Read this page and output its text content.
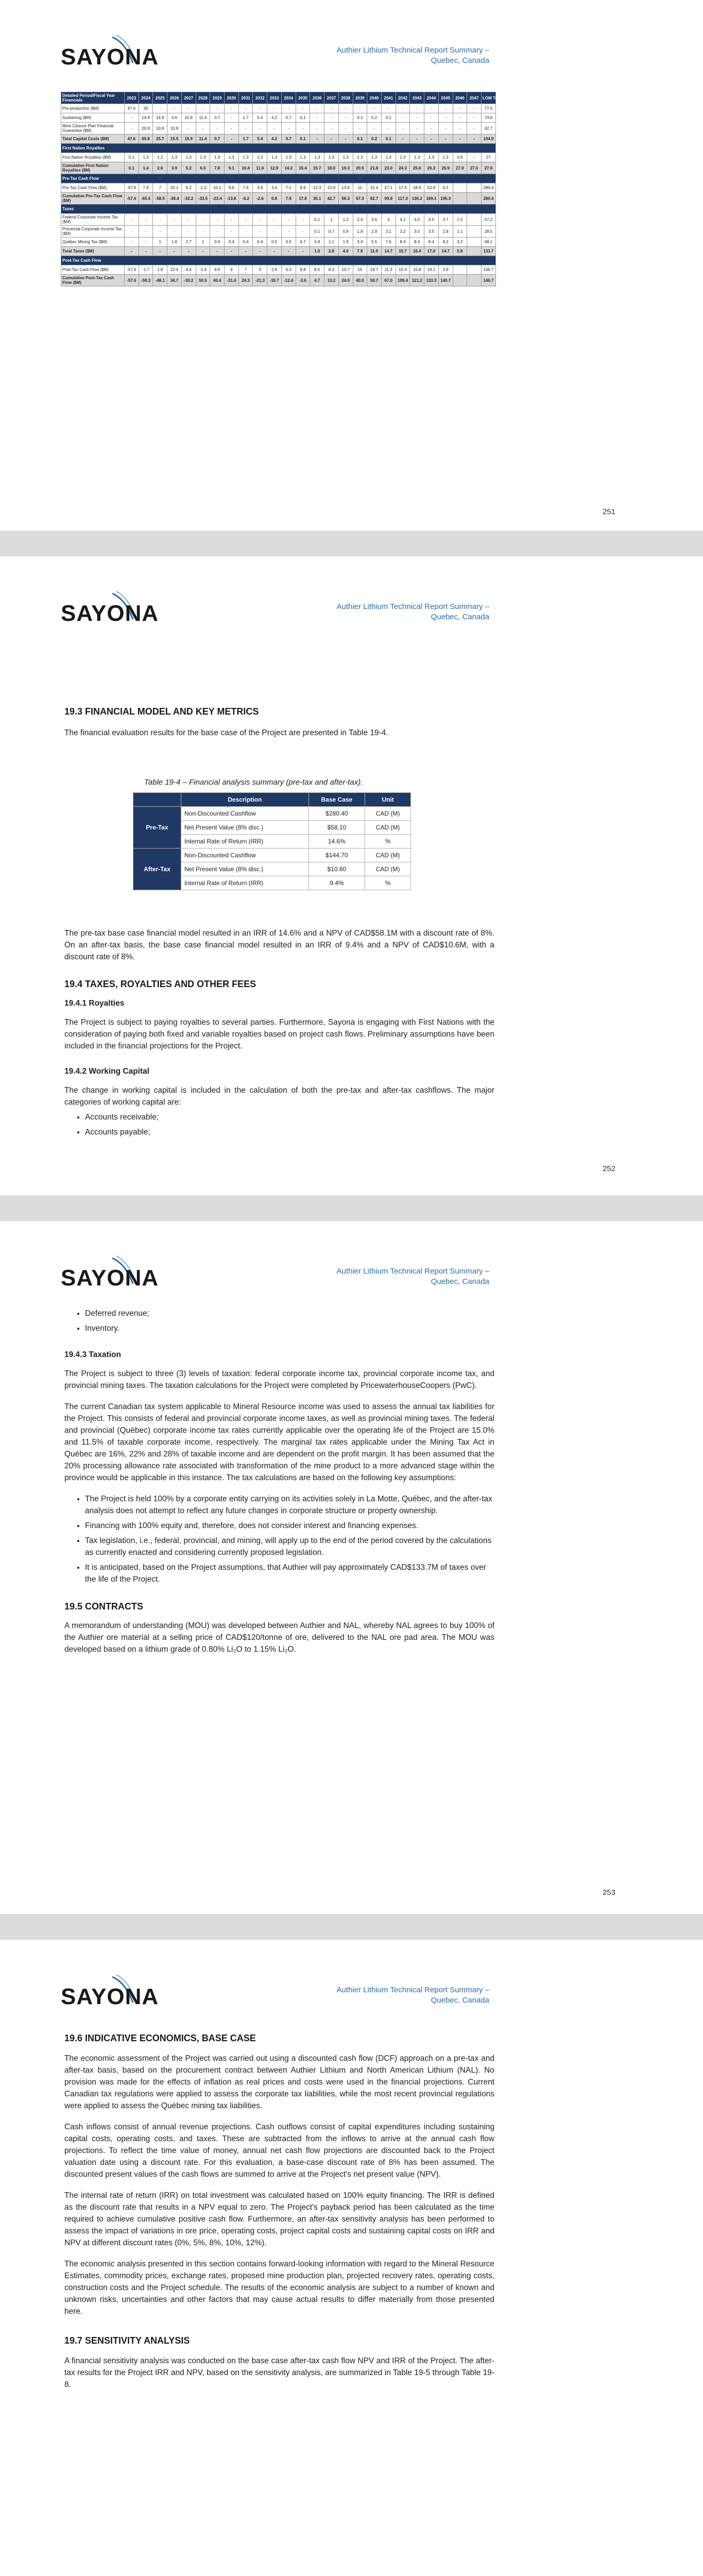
SAYONA	Authier Lithium Technical Report Summary –
Quebec, Canada
Detailed Period/Fiscal Year Financials	2023	2024	2025	2026	2027	2028	2029	2030	2031	2032	2033	2034	2035	2036	2037	2038	2039	2040	2041	2042	2043	2044	2045	2046	2047	LOM Total
Pre-production ($M)	47.6	30	-	-	-	-	-	-	-	-	-	-	-	-	-	-	-	-	-	-	-	-	-	-	-	77.6
Sustaining ($M)	-	14.9	14.9	4.6	15.9	11.4	0.7	-	1.7	5.4	4.2	0.7	0.1	-	-	-	0.1	0.2	0.1	-	-	-	-	-	-	74.6
Mine Closure Plan Financial Guarantee ($M)	-	20.9	10.9	10.9	-	-	-	-	-	-	-	-	-	-	-	-	-	-	-	-	-	-	-	-	-	42.7
Total Capital Costs ($M)	47.6	65.8	25.7	15.5	15.9	11.4	0.7	-	1.7	5.4	4.2	0.7	0.1	-	-	-	0.1	0.2	0.1	-	-	-	-	-	-	194.9
First Nation Royalties																										
First Nation Royalties ($M)	0.1	1.3	1.2	1.3	1.3	1.3	1.3	1.3	1.3	1.3	1.3	1.3	1.3	1.3	1.3	1.3	1.3	1.3	1.3	1.3	1.3	1.3	1.3	0.6	-	27
Cumulative First Nation Royalties ($M)	0.1	1.4	2.6	3.9	5.2	6.5	7.8	9.1	10.4	11.6	12.9	14.2	15.4	16.7	18.0	19.3	20.5	21.8	23.0	24.3	25.6	26.3	26.9	27.0	27.0	27.0
Pre-Tax Cash Flow																										
Pre-Tax Cash Flow ($M)	-57.6	7.9	7	20.1	6.2	-1.3	10.1	9.6	7.6	3.6	3.4	7.1	9.9	12.3	12.6	13.6	11	15.4	17.1	17.5	18.9	52.9	6.2			280.4
Cumulative Pre-Tax Cash Flow ($M)	-57.6	-65.5	-58.5	-38.4	-32.2	-33.5	-23.4	-13.8	-6.2	-2.6	0.8	7.9	17.8	30.1	42.7	56.3	67.3	82.7	99.8	117.3	136.2	189.1	195.3			280.4
Taxes																										
Federal Corporate Income Tax ($M)	-	-	-	-	-	-	-	-	-	-	-	-	-	0.1	1	1.2	2.4	3.6	4	4.1	4.5	4.5	3.7	1.5		57.2
Provincial Corporate Income Tax ($M)	-	-	-	-	-	-	-	-	-	-	-	-	-	0.1	0.7	0.9	1.9	2.8	3.1	3.2	3.5	3.5	2.8	1.1		28.5
Québec Mining Tax ($M)	-	-	1	1.6	2.7	1	0.4	0.4	0.4	0.4	0.5	0.5	0.7	0.8	1.1	1.9	3.4	5.5	7.6	8.4	8.4	8.4	8.2	3.2		68.1
Total Taxes ($M)	-	-	-	-	-	-	-	-	-	-	-	-	-	1.0	2.8	4.0	7.8	11.9	14.7	15.7	16.4	17.0	14.7	5.8		133.7
Post-Tax Cash Flow																										
Post-Tax Cash Flow ($M)	-57.6	-1.7	1.8	13.4	4.4	-1.4	9.6	9	7	3	2.6	6.3	8.8	8.5	8.3	10.7	15	19.7	11.3	15.4	15.8	19.1	3.9			146.7
Cumulative Post-Tax Cash Flow ($M)	-57.6	-59.3	-48.1	34.7	-30.2	50.5	40.4	-31.4	24.3	-21.3	-18.7	-12.4	-3.6	4.7	13.2	24.9	40.0	59.7	67.0	109.4	121.2	133.3	140.7			146.7
251
SAYONA	Authier Lithium Technical Report Summary –
Quebec, Canada
19.3 FINANCIAL MODEL AND KEY METRICS

The financial evaluation results for the base case of the Project are presented in Table 19-4.

Table 19-4 – Financial analysis summary (pre-tax and after-tax).
	Description	Base Case	Unit
Pre-Tax	Non-Discounted Cashflow	$280.40	CAD (M)
	Net Present Value (8% disc.)	$58.10	CAD (M)
	Internal Rate of Return (IRR)	14.6%	%
After-Tax	Non-Discounted Cashflow	$144.70	CAD (M)
	Net Present Value (8% disc.)	$10.60	CAD (M)
	Internal Rate of Return (IRR)	9.4%	%

The pre-tax base case financial model resulted in an IRR of 14.6% and a NPV of CAD$58.1M with a discount rate of 8%. On an after-tax basis, the base case financial model resulted in an IRR of 9.4% and a NPV of CAD$10.6M, with a discount rate of 8%.

19.4 TAXES, ROYALTIES AND OTHER FEES
19.4.1 Royalties

The Project is subject to paying royalties to several parties. Furthermore, Sayona is engaging with First Nations with the consideration of paying both fixed and variable royalties based on project cash flows. Preliminary assumptions have been included in the financial projections for the Project.

19.4.2 Working Capital

The change in working capital is included in the calculation of both the pre-tax and after-tax cashflows. The major categories of working capital are:

• Accounts receivable;
• Accounts payable;
252
SAYONA	Authier Lithium Technical Report Summary –
Quebec, Canada
• Deferred revenue;
• Inventory.
19.4.3 Taxation

The Project is subject to three (3) levels of taxation: federal corporate income tax, provincial corporate income tax, and provincial mining taxes. The taxation calculations for the Project were completed by PricewaterhouseCoopers (PwC).

The current Canadian tax system applicable to Mineral Resource income was used to assess the annual tax liabilities for the Project. This consists of federal and provincial corporate income taxes, as well as provincial mining taxes. The federal and provincial (Québec) corporate income tax rates currently applicable over the operating life of the Project are 15.0% and 11.5% of taxable corporate income, respectively. The marginal tax rates applicable under the Mining Tax Act in Québec are 16%, 22% and 28% of taxable income and are dependent on the profit margin. It has been assumed that the 20% processing allowance rate associated with transformation of the mine product to a more advanced stage within the province would be applicable in this instance. The tax calculations are based on the following key assumptions:

• The Project is held 100% by a corporate entity carrying on its activities solely in La Motte, Québec, and the after-tax analysis does not attempt to reflect any future changes in corporate structure or property ownership.
• Financing with 100% equity and, therefore, does not consider interest and financing expenses.
• Tax legislation, i.e., federal, provincial, and mining, will apply up to the end of the period covered by the calculations as currently enacted and considering currently proposed legislation.
• It is anticipated, based on the Project assumptions, that Authier will pay approximately CAD$133.7M of taxes over the life of the Project.
19.5 CONTRACTS

A memorandum of understanding (MOU) was developed between Authier and NAL, whereby NAL agrees to buy 100% of the Authier ore material at a selling price of CAD$120/tonne of ore, delivered to the NAL ore pad area. The MOU was developed based on a lithium grade of 0.80% Li₂O to 1.15% Li₂O.

253
SAYONA	Authier Lithium Technical Report Summary –
Quebec, Canada
19.6 INDICATIVE ECONOMICS, BASE CASE

The economic assessment of the Project was carried out using a discounted cash flow (DCF) approach on a pre-tax and after-tax basis, based on the procurement contract between Authier Lithium and North American Lithium (NAL). No provision was made for the effects of inflation as real prices and costs were used in the financial projections. Current Canadian tax regulations were applied to assess the corporate tax liabilities, while the most recent provincial regulations were applied to assess the Québec mining tax liabilities.

Cash inflows consist of annual revenue projections. Cash outflows consist of capital expenditures including sustaining capital costs, operating costs, and taxes. These are subtracted from the inflows to arrive at the annual cash flow projections. To reflect the time value of money, annual net cash flow projections are discounted back to the Project valuation date using a discount rate. For this evaluation, a base-case discount rate of 8% has been assumed. The discounted present values of the cash flows are summed to arrive at the Project's net present value (NPV).

The internal rate of return (IRR) on total investment was calculated based on 100% equity financing. The IRR is defined as the discount rate that results in a NPV equal to zero. The Project's payback period has been calculated as the time required to achieve cumulative positive cash flow. Furthermore, an after-tax sensitivity analysis has been performed to assess the impact of variations in ore price, operating costs, project capital costs and sustaining capital costs on IRR and NPV at different discount rates (0%, 5%, 8%, 10%, 12%).

The economic analysis presented in this section contains forward-looking information with regard to the Mineral Resource Estimates, commodity prices, exchange rates, proposed mine production plan, projected recovery rates, operating costs, construction costs and the Project schedule. The results of the economic analysis are subject to a number of known and unknown risks, uncertainties and other factors that may cause actual results to differ materially from those presented here.

19.7 SENSITIVITY ANALYSIS

A financial sensitivity analysis was conducted on the base case after-tax cash flow NPV and IRR of the Project. The after-tax results for the Project IRR and NPV, based on the sensitivity analysis, are summarized in Table 19-5 through Table 19-8.
